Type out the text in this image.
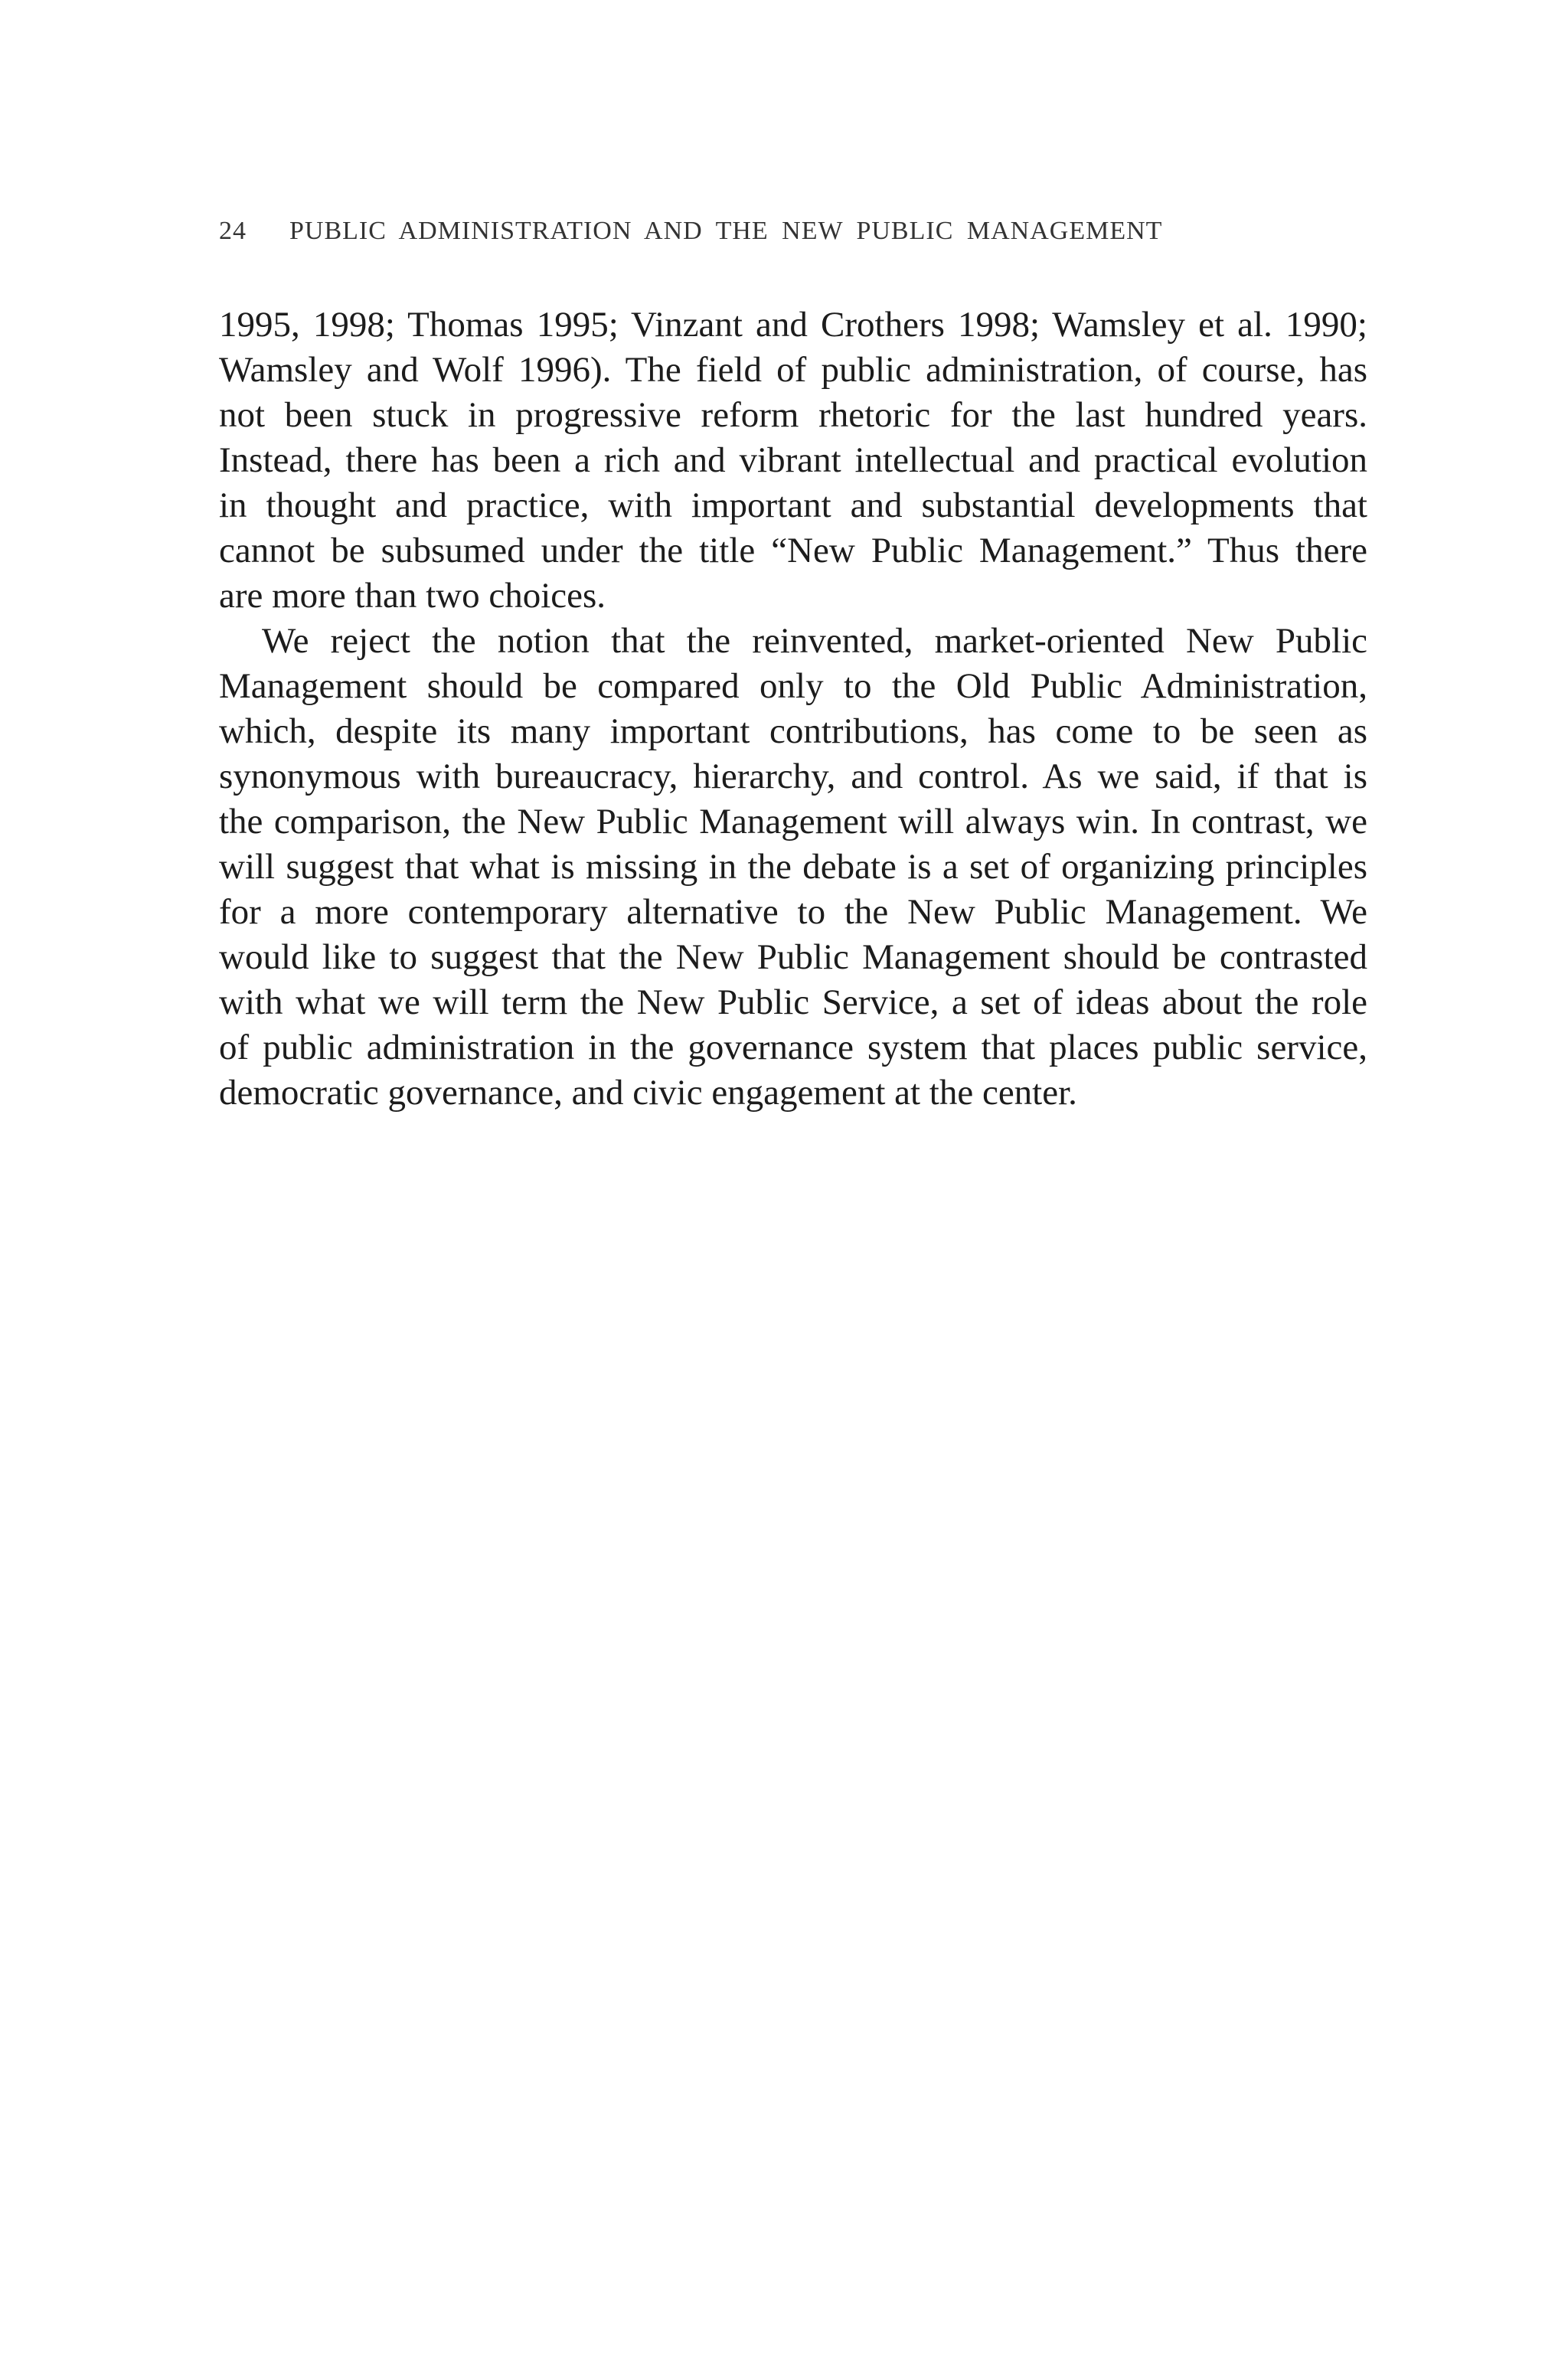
24 PUBLIC ADMINISTRATION AND THE NEW PUBLIC MANAGEMENT
1995, 1998; Thomas 1995; Vinzant and Crothers 1998; Wamsley et al. 1990;
Wamsley and Wolf 1996). The field of public administration, of course, has
not been stuck in progressive reform rhetoric for the last hundred years.
Instead, there has been a rich and vibrant intellectual and practical evolution
in thought and practice, with important and substantial developments that
cannot be subsumed under the title “New Public Management.” Thus there
are more than two choices.
We reject the notion that the reinvented, market-oriented New Public
Management should be compared only to the Old Public Administration,
which, despite its many important contributions, has come to be seen as
synonymous with bureaucracy, hierarchy, and control. As we said, if that is
the comparison, the New Public Management will always win. In contrast, we
will suggest that what is missing in the debate is a set of organizing principles
for a more contemporary alternative to the New Public Management. We
would like to suggest that the New Public Management should be contrasted
with what we will term the New Public Service, a set of ideas about the role
of public administration in the governance system that places public service,
democratic governance, and civic engagement at the center.
